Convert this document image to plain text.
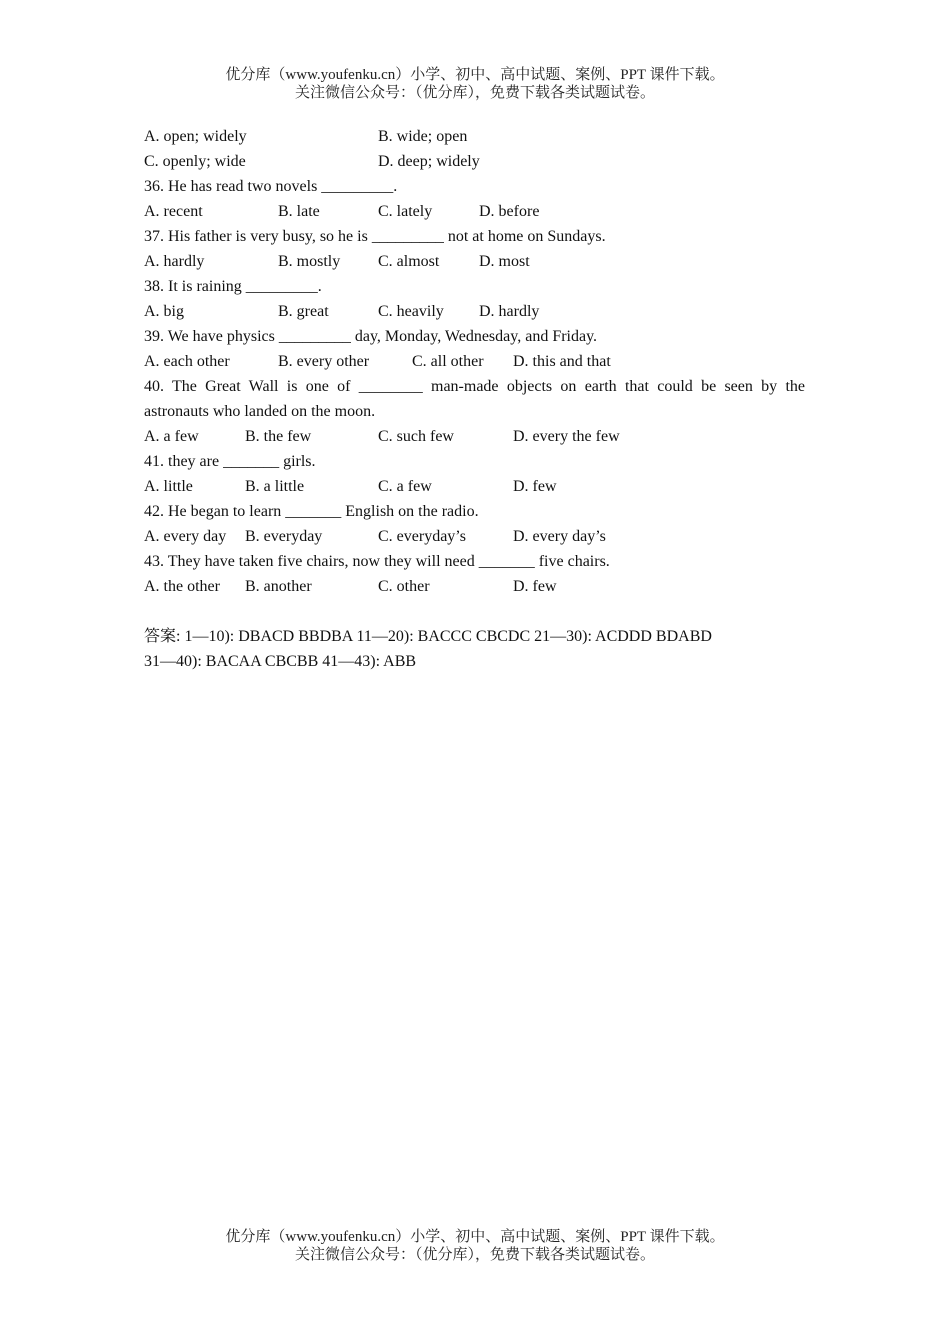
优分库（www.youfenku.cn）小学、初中、高中试题、案例、PPT 课件下载。
关注微信公众号：（优分库），免费下载各类试题试卷。
A. open; widely	B. wide; open
C. openly; wide	D. deep; widely
36. He has read two novels _________.
A. recent	B. late	C. lately	D. before
37. His father is very busy, so he is _________ not at home on Sundays.
A. hardly	B. mostly C. almost D. most
38. It is raining _________.
A. big	B. great	C. heavily D. hardly
39. We have physics _________ day, Monday, Wednesday, and Friday.
A. each other	B. every other	C. all other D. this and that
40. The Great Wall is one of ________ man-made objects on earth that could be seen by the
astronauts who landed on the moon.
A. a few	B. the few	C. such few	D. every the few
41. they are _______ girls.
A. little	B. a little	C. a few	D. few
42. He began to learn _______ English on the radio.
A. every day B. everyday	C. everyday’s	D. every day’s
43. They have taken five chairs, now they will need _______ five chairs.
A. the other B. another	C. other	D. few
答案: 1—10): DBACD BBDBA 11—20): BACCC CBCDC 21—30): ACDDD BDABD
31—40): BACAA CBCBB 41—43): ABB
优分库（www.youfenku.cn）小学、初中、高中试题、案例、PPT 课件下载。
关注微信公众号：（优分库），免费下载各类试题试卷。
